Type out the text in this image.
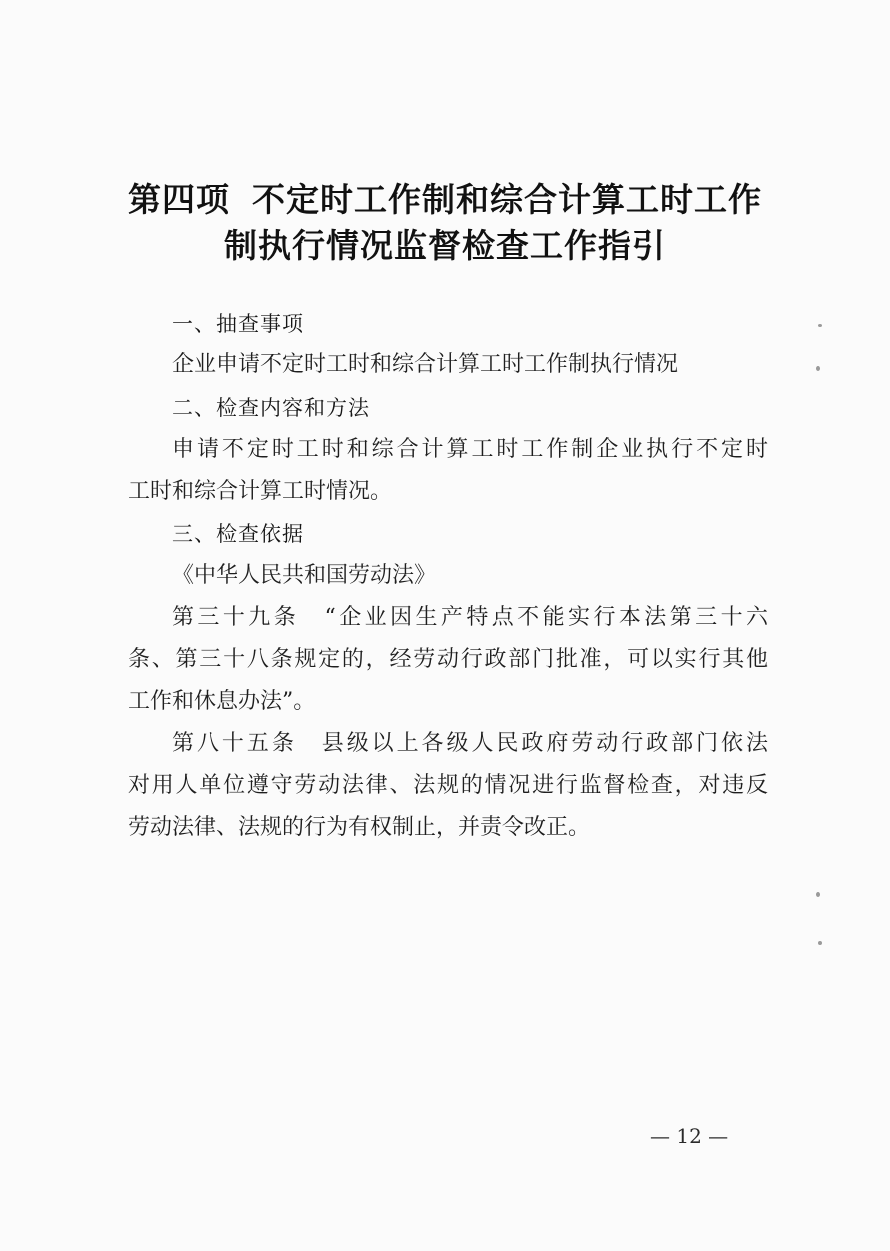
第四项 不定时工作制和综合计算工时工作
制执行情况监督检查工作指引
一、抽查事项
企业申请不定时工时和综合计算工时工作制执行情况
二、检查内容和方法
申请不定时工时和综合计算工时工作制企业执行不定时
工时和综合计算工时情况。
三、检查依据
《中华人民共和国劳动法》
第三十九条　“企业因生产特点不能实行本法第三十六
条、第三十八条规定的，经劳动行政部门批准，可以实行其他
工作和休息办法”。
第八十五条　县级以上各级人民政府劳动行政部门依法
对用人单位遵守劳动法律、法规的情况进行监督检查，对违反
劳动法律、法规的行为有权制止，并责令改正。
— 12 —
